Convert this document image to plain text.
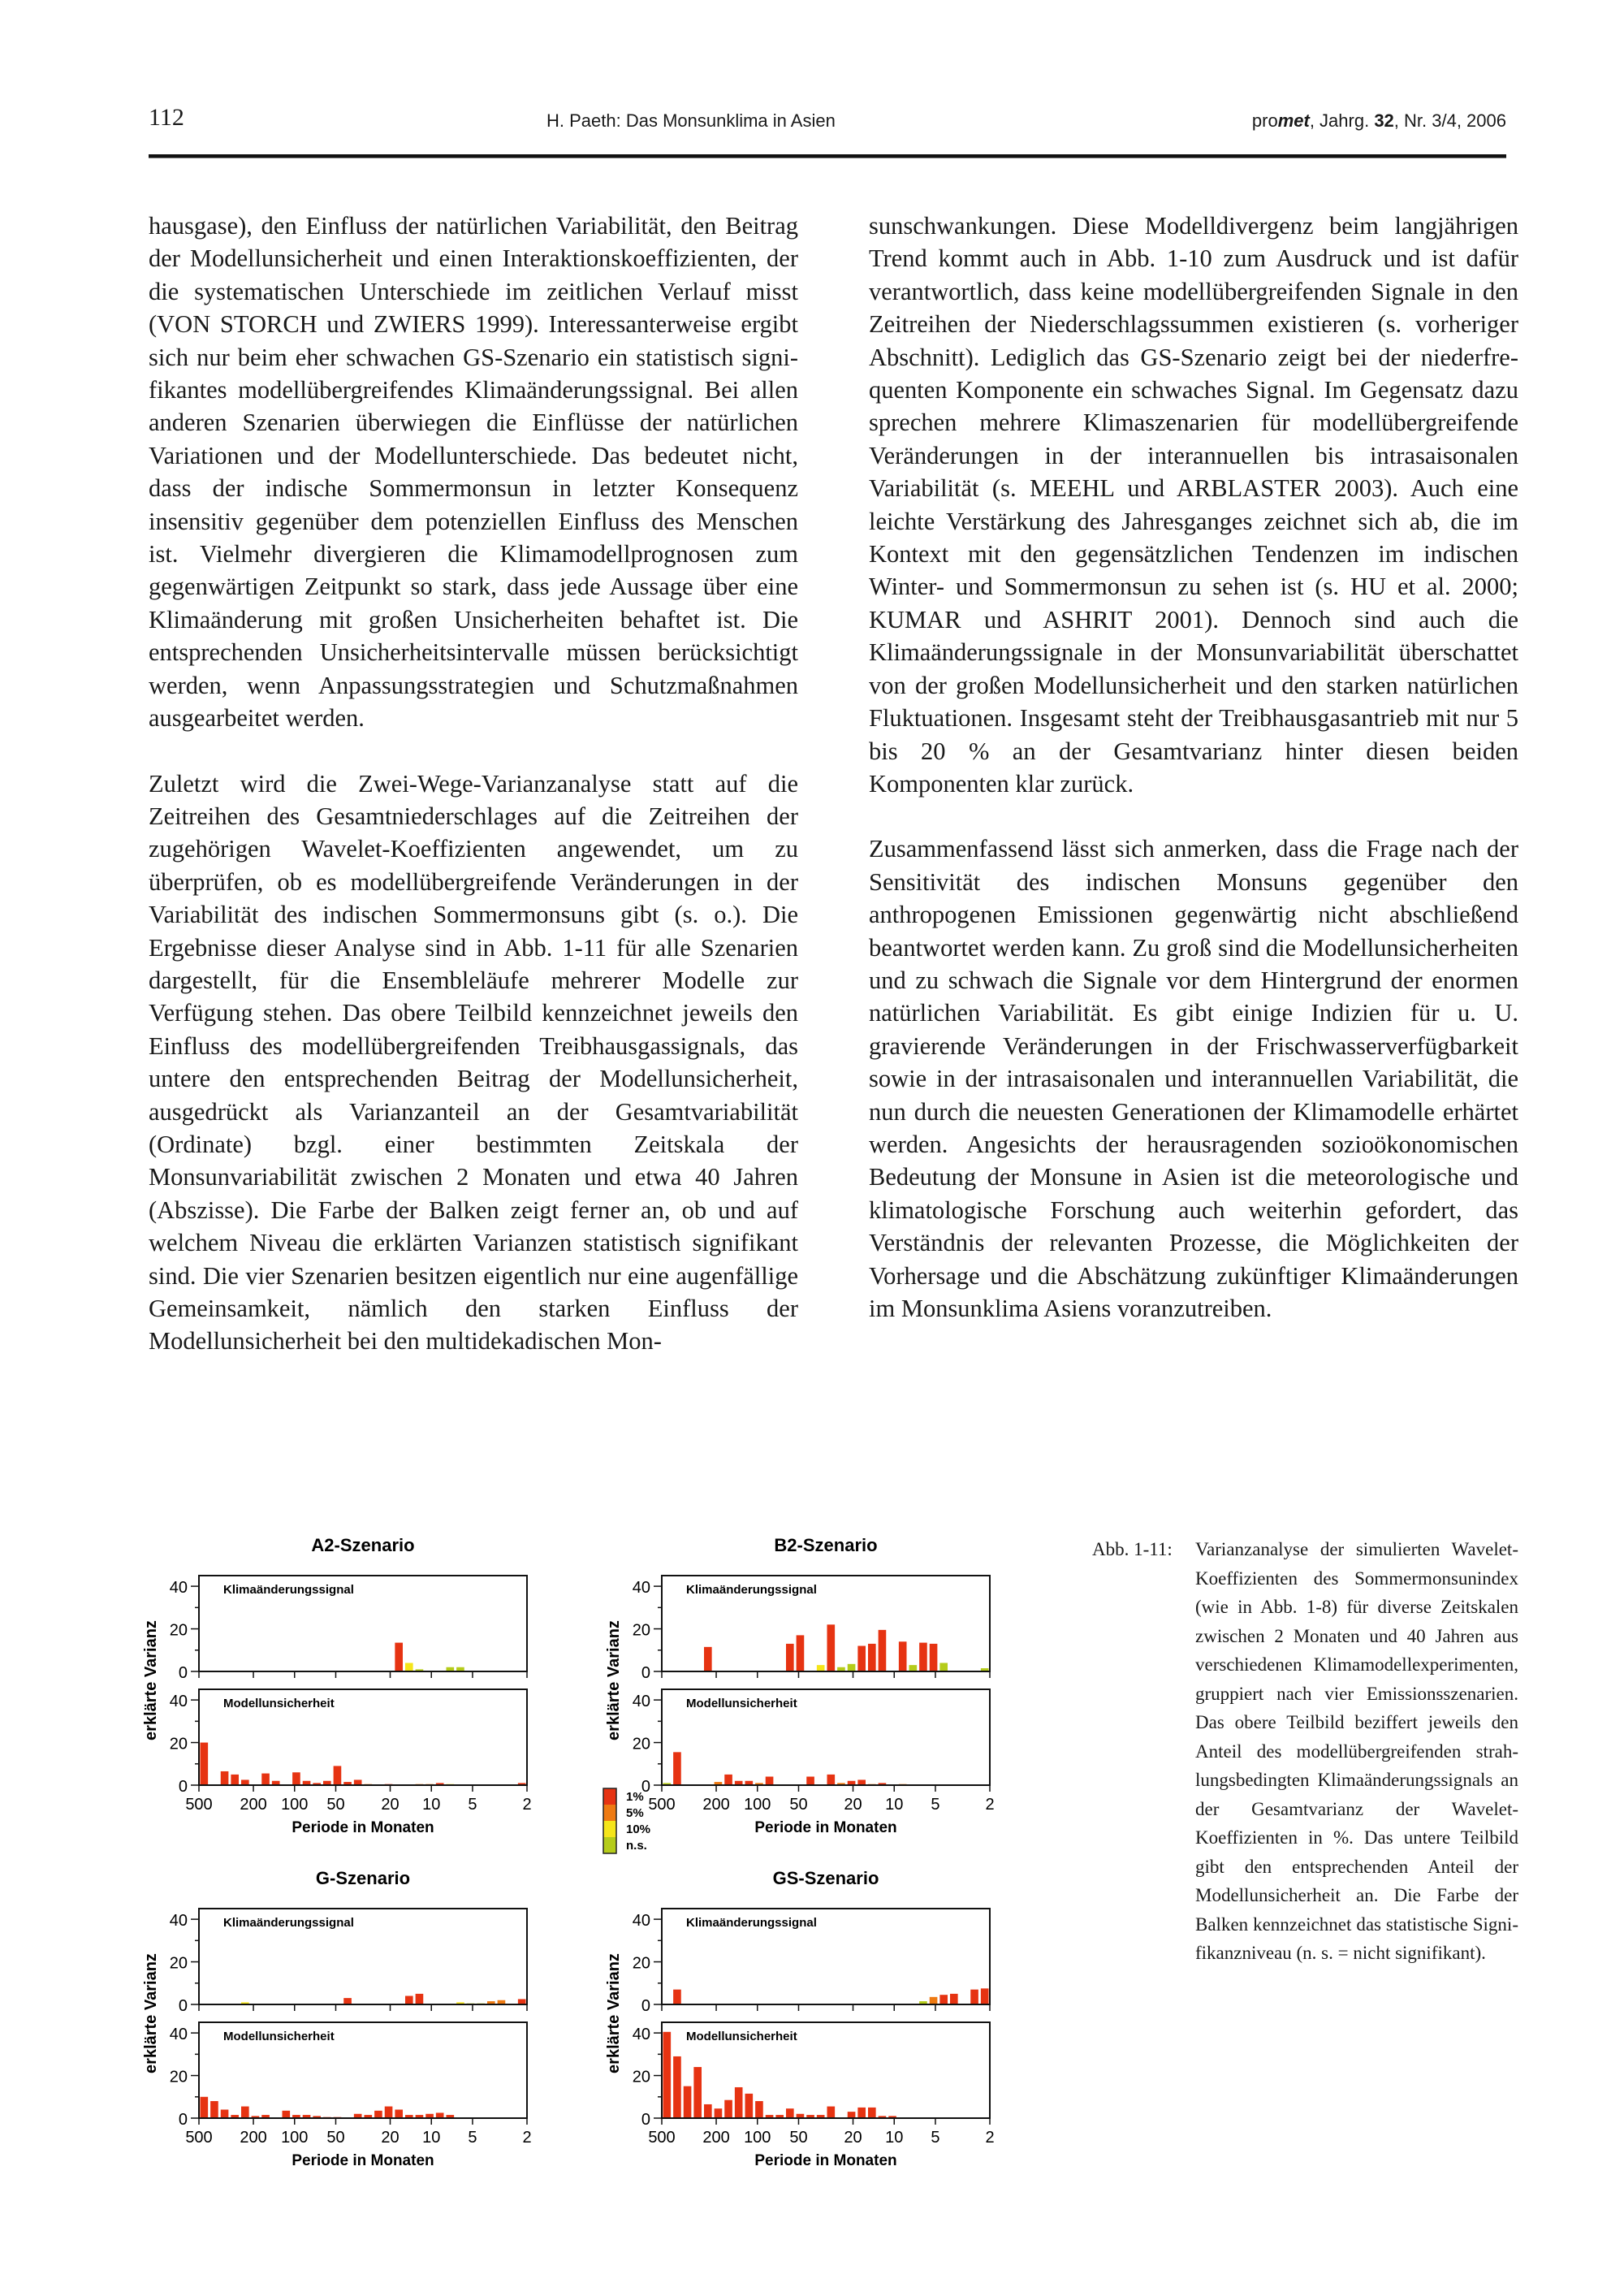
112	H. Paeth: Das Monsunklima in Asien	promet, Jahrg. 32, Nr. 3/4, 2006

hausgase), den Einfluss der natürlichen Variabilität, den Beitrag der Modellunsicherheit und einen Interaktionskoeffizienten, der die systematischen Unterschiede im zeitlichen Verlauf misst (VON STORCH und ZWIERS 1999). Interessanterweise ergibt sich nur beim eher schwachen GS-Szenario ein statistisch signifikantes modellübergreifendes Klimaänderungssignal. Bei allen anderen Szenarien überwiegen die Einflüsse der natürlichen Variationen und der Modellunterschiede. Das bedeutet nicht, dass der indische Sommermonsun in letzter Konsequenz insensitiv gegenüber dem potenziellen Einfluss des Menschen ist. Vielmehr divergieren die Klimamodellprognosen zum gegenwärtigen Zeitpunkt so stark, dass jede Aussage über eine Klimaänderung mit großen Unsicherheiten behaftet ist. Die entsprechenden Unsicherheitsintervalle müssen berücksichtigt werden, wenn Anpassungsstrategien und Schutzmaßnahmen ausgearbeitet werden.

Zuletzt wird die Zwei-Wege-Varianzanalyse statt auf die Zeitreihen des Gesamtniederschlages auf die Zeitreihen der zugehörigen Wavelet-Koeffizienten angewendet, um zu überprüfen, ob es modellübergreifende Veränderungen in der Variabilität des indischen Sommermonsuns gibt (s. o.). Die Ergebnisse dieser Analyse sind in Abb. 1-11 für alle Szenarien dargestellt, für die Ensembleläufe mehrerer Modelle zur Verfügung stehen. Das obere Teilbild kennzeichnet jeweils den Einfluss des modellübergreifenden Treibhausgassignals, das untere den entsprechenden Beitrag der Modellunsicherheit, ausgedrückt als Varianzanteil an der Gesamtvariabilität (Ordinate) bzgl. einer bestimmten Zeitskala der Monsunvariabilität zwischen 2 Monaten und etwa 40 Jahren (Abszisse). Die Farbe der Balken zeigt ferner an, ob und auf welchem Niveau die erklärten Varianzen statistisch signifikant sind. Die vier Szenarien besitzen eigentlich nur eine augenfällige Gemeinsamkeit, nämlich den starken Einfluss der Modellunsicherheit bei den multidekadischen Mon-

sunschwankungen. Diese Modelldivergenz beim langjährigen Trend kommt auch in Abb. 1-10 zum Ausdruck und ist dafür verantwortlich, dass keine modellübergreifenden Signale in den Zeitreihen der Niederschlagssummen existieren (s. vorheriger Abschnitt). Lediglich das GS-Szenario zeigt bei der niederfrequenten Komponente ein schwaches Signal. Im Gegensatz dazu sprechen mehrere Klimaszenarien für modellübergreifende Veränderungen in der interannuellen bis intrasaisonalen Variabilität (s. MEEHL und ARBLASTER 2003). Auch eine leichte Verstärkung des Jahresganges zeichnet sich ab, die im Kontext mit den gegensätzlichen Tendenzen im indischen Winter- und Sommermonsun zu sehen ist (s. HU et al. 2000; KUMAR und ASHRIT 2001). Dennoch sind auch die Klimaänderungssignale in der Monsunvariabilität überschattet von der großen Modellunsicherheit und den starken natürlichen Fluktuationen. Insgesamt steht der Treibhausgasantrieb mit nur 5 bis 20 % an der Gesamtvarianz hinter diesen beiden Komponenten klar zurück.

Zusammenfassend lässt sich anmerken, dass die Frage nach der Sensitivität des indischen Monsuns gegenüber den anthropogenen Emissionen gegenwärtig nicht abschließend beantwortet werden kann. Zu groß sind die Modellunsicherheiten und zu schwach die Signale vor dem Hintergrund der enormen natürlichen Variabilität. Es gibt einige Indizien für u. U. gravierende Veränderungen in der Frischwasserverfügbarkeit sowie in der intrasaisonalen und interannuellen Variabilität, die nun durch die neuesten Generationen der Klimamodelle erhärtet werden. Angesichts der herausragenden sozioökonomischen Bedeutung der Monsune in Asien ist die meteorologische und klimatologische Forschung auch weiterhin gefordert, das Verständnis der relevanten Prozesse, die Möglichkeiten der Vorhersage und die Abschätzung zukünftiger Klimaänderungen im Monsunklima Asiens voranzutreiben.

A2-Szenario
Klimaänderungssignal
0
20
40
Modellunsicherheit
0
20
40
500 200 100 50 20 10 5	2
Periode in Monaten
erklärte Varianz
B2-Szenario
Klimaänderungssignal
0
20
40
Modellunsicherheit
0
20
40
500 200 100 50 20 10 5	2
Periode in Monaten
erklärte Varianz
G-Szenario
Klimaänderungssignal
0
20
40
Modellunsicherheit
0
20
40
500 200 100 50 20 10 5	2
Periode in Monaten
erklärte Varianz
GS-Szenario
Klimaänderungssignal
0
20
40
Modellunsicherheit
0
20
40
500 200 100 50 20 10 5	2
Periode in Monaten
erklärte Varianz
1%
5%
10%
n.s.
Abb. 1-11: Varianzanalyse der simulierten Wavelet-Koeffizienten des Sommermonsunindex (wie in Abb. 1-8) für diverse Zeitskalen zwischen 2 Monaten und 40 Jahren aus verschiedenen Klimamodellexperimenten, gruppiert nach vier Emissionsszenarien. Das obere Teilbild beziffert jeweils den Anteil des modellübergreifenden strahlungsbedingten Klimaänderungssignals an der Gesamtvarianz der Wavelet-Koeffizienten in %. Das untere Teilbild gibt den entsprechenden Anteil der Modellunsicherheit an. Die Farbe der Balken kennzeichnet das statistische Signifikanzniveau (n. s. = nicht signifikant).
